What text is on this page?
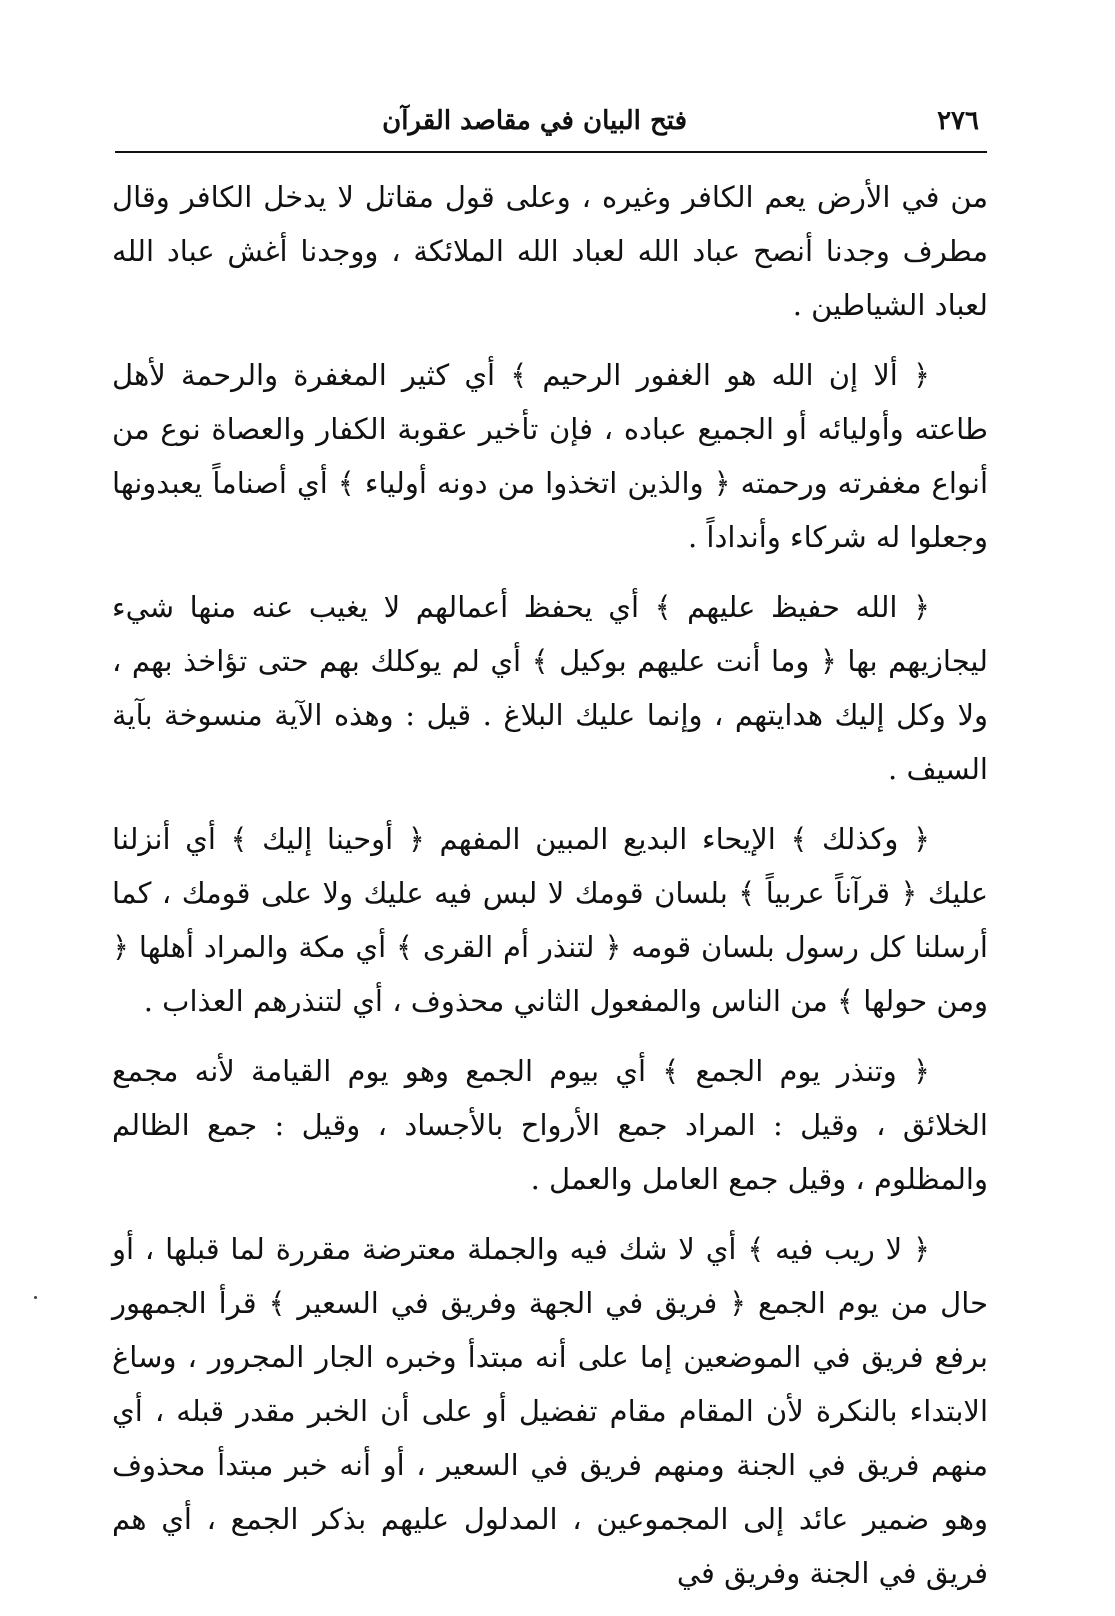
٢٧٦
فتح البيان في مقاصد القرآن

من في الأرض يعم الكافر وغيره ، وعلى قول مقاتل لا يدخل الكافر وقال مطرف وجدنا أنصح عباد الله لعباد الله الملائكة ، ووجدنا أغش عباد الله لعباد الشياطين .

﴿ ألا إن الله هو الغفور الرحيم ﴾ أي كثير المغفرة والرحمة لأهل طاعته وأوليائه أو الجميع عباده ، فإن تأخير عقوبة الكفار والعصاة نوع من أنواع مغفرته ورحمته ﴿ والذين اتخذوا من دونه أولياء ﴾ أي أصناماً يعبدونها وجعلوا له شركاء وأنداداً .

﴿ الله حفيظ عليهم ﴾ أي يحفظ أعمالهم لا يغيب عنه منها شيء ليجازيهم بها ﴿ وما أنت عليهم بوكيل ﴾ أي لم يوكلك بهم حتى تؤاخذ بهم ، ولا وكل إليك هدايتهم ، وإنما عليك البلاغ . قيل : وهذه الآية منسوخة بآية السيف .

﴿ وكذلك ﴾ الإيحاء البديع المبين المفهم ﴿ أوحينا إليك ﴾ أي أنزلنا عليك ﴿ قرآناً عربياً ﴾ بلسان قومك لا لبس فيه عليك ولا على قومك ، كما أرسلنا كل رسول بلسان قومه ﴿ لتنذر أم القرى ﴾ أي مكة والمراد أهلها ﴿ ومن حولها ﴾ من الناس والمفعول الثاني محذوف ، أي لتنذرهم العذاب .

﴿ وتنذر يوم الجمع ﴾ أي بيوم الجمع وهو يوم القيامة لأنه مجمع الخلائق ، وقيل : المراد جمع الأرواح بالأجساد ، وقيل : جمع الظالم والمظلوم ، وقيل جمع العامل والعمل .

﴿ لا ريب فيه ﴾ أي لا شك فيه والجملة معترضة مقررة لما قبلها ، أو حال من يوم الجمع ﴿ فريق في الجهة وفريق في السعير ﴾ قرأ الجمهور برفع فريق في الموضعين إما على أنه مبتدأ وخبره الجار المجرور ، وساغ الابتداء بالنكرة لأن المقام مقام تفضيل أو على أن الخبر مقدر قبله ، أي منهم فريق في الجنة ومنهم فريق في السعير ، أو أنه خبر مبتدأ محذوف وهو ضمير عائد إلى المجموعين ، المدلول عليهم بذكر الجمع ، أي هم فريق في الجنة وفريق في
